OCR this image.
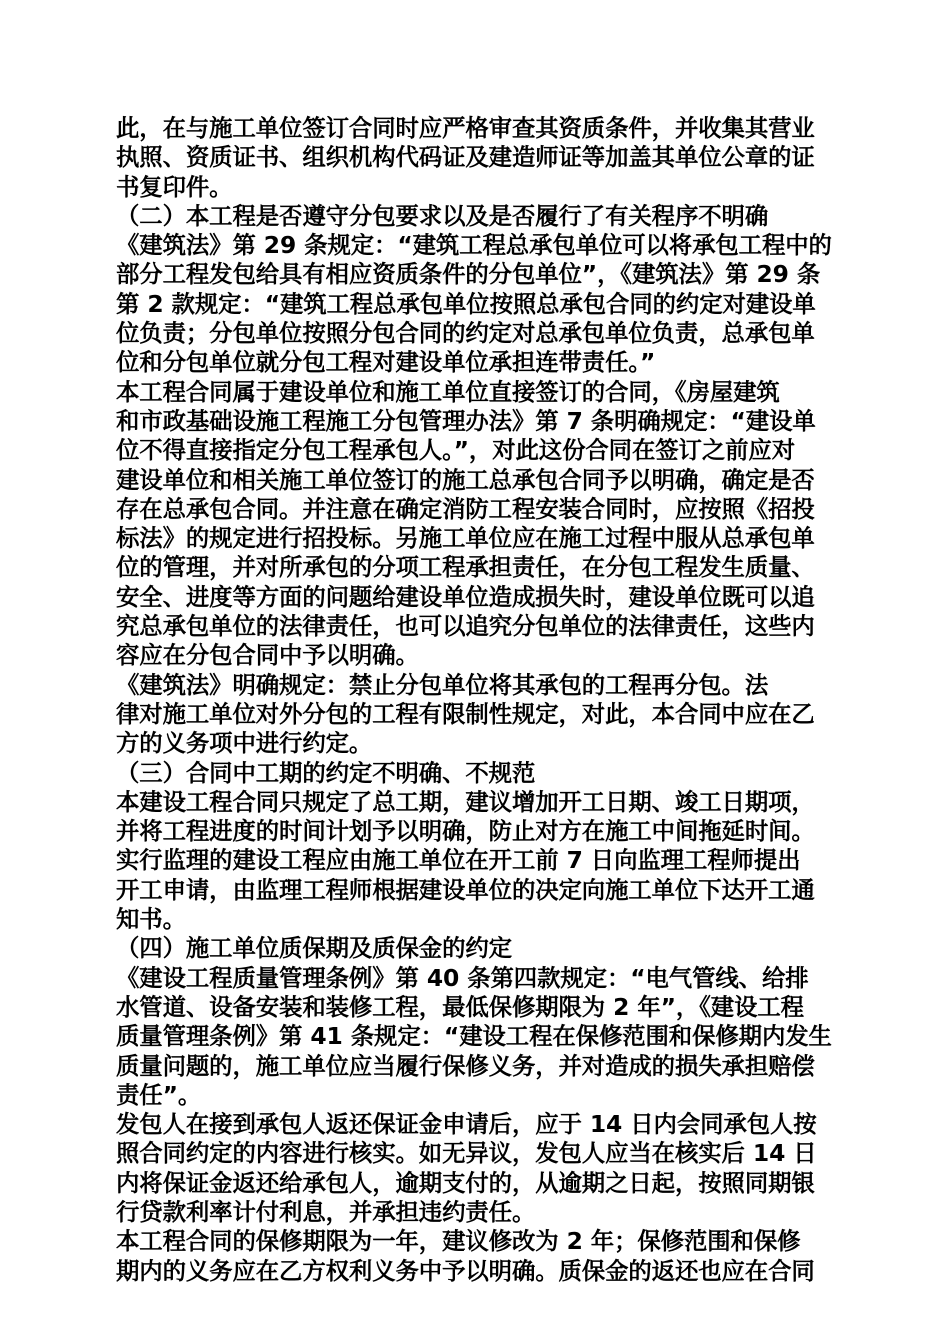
此，在与施工单位签订合同时应严格审查其资质条件，并收集其营业
执照、资质证书、组织机构代码证及建造师证等加盖其单位公章的证
书复印件。
（二）本工程是否遵守分包要求以及是否履行了有关程序不明确
《建筑法》第 29 条规定：“建筑工程总承包单位可以将承包工程中的
部分工程发包给具有相应资质条件的分包单位”，《建筑法》第 29 条
第 2 款规定：“建筑工程总承包单位按照总承包合同的约定对建设单
位负责；分包单位按照分包合同的约定对总承包单位负责，总承包单
位和分包单位就分包工程对建设单位承担连带责任。”
本工程合同属于建设单位和施工单位直接签订的合同，《房屋建筑
和市政基础设施工程施工分包管理办法》第 7 条明确规定：“建设单
位不得直接指定分包工程承包人。”，对此这份合同在签订之前应对
建设单位和相关施工单位签订的施工总承包合同予以明确，确定是否
存在总承包合同。并注意在确定消防工程安装合同时，应按照《招投
标法》的规定进行招投标。另施工单位应在施工过程中服从总承包单
位的管理，并对所承包的分项工程承担责任，在分包工程发生质量、
安全、进度等方面的问题给建设单位造成损失时，建设单位既可以追
究总承包单位的法律责任，也可以追究分包单位的法律责任，这些内
容应在分包合同中予以明确。
《建筑法》明确规定：禁止分包单位将其承包的工程再分包。法
律对施工单位对外分包的工程有限制性规定，对此，本合同中应在乙
方的义务项中进行约定。
（三）合同中工期的约定不明确、不规范
本建设工程合同只规定了总工期，建议增加开工日期、竣工日期项，
并将工程进度的时间计划予以明确，防止对方在施工中间拖延时间。
实行监理的建设工程应由施工单位在开工前 7 日向监理工程师提出
开工申请，由监理工程师根据建设单位的决定向施工单位下达开工通
知书。
（四）施工单位质保期及质保金的约定
《建设工程质量管理条例》第 40 条第四款规定：“电气管线、给排
水管道、设备安装和装修工程，最低保修期限为 2 年”，《建设工程
质量管理条例》第 41 条规定：“建设工程在保修范围和保修期内发生
质量问题的，施工单位应当履行保修义务，并对造成的损失承担赔偿
责任”。
发包人在接到承包人返还保证金申请后，应于 14 日内会同承包人按
照合同约定的内容进行核实。如无异议，发包人应当在核实后 14 日
内将保证金返还给承包人，逾期支付的，从逾期之日起，按照同期银
行贷款利率计付利息，并承担违约责任。
本工程合同的保修期限为一年，建议修改为 2 年；保修范围和保修
期内的义务应在乙方权利义务中予以明确。质保金的返还也应在合同
